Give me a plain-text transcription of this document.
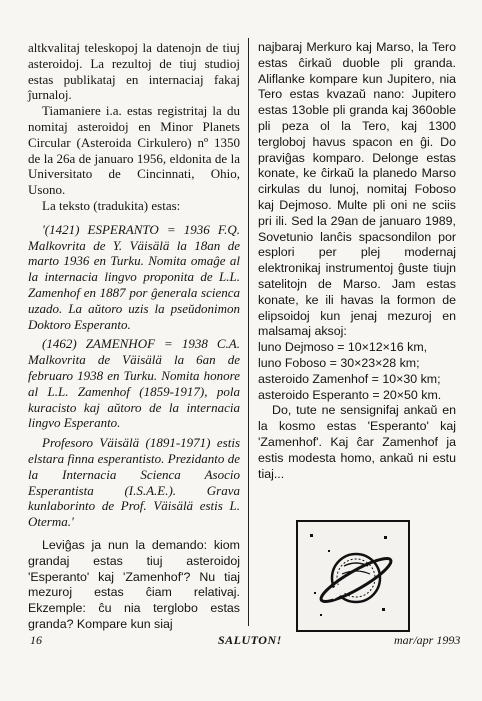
altkvalitaj teleskopoj la datenojn de tiuj asteroidoj. La rezultoj de tiuj studioj estas publikataj en internaciaj fakaj ĵurnaloj.

Tiamaniere i.a. estas registritaj la du nomitaj asteroidoj en Minor Planets Circular (Asteroida Cirkulero) nº 1350 de la 26a de januaro 1956, eldonita de la Universitato de Cincinnati, Ohio, Usono.

La teksto (tradukita) estas:

'(1421) ESPERANTO = 1936 F.Q. Malkovrita de Y. Väisälä la 18an de marto 1936 en Turku. Nomita omaĝe al la internacia lingvo proponita de L.L. Zamenhof en 1887 por ĝenerala scienca uzado. La aŭtoro uzis la pseŭdonimon Doktoro Esperanto.

(1462) ZAMENHOF = 1938 C.A. Malkovrita de Väisälä la 6an de februaro 1938 en Turku. Nomita honore al L.L. Zamenhof (1859-1917), pola kuracisto kaj aŭtoro de la internacia lingvo Esperanto.

Profesoro Väisälä (1891-1971) estis elstara finna esperantisto. Prezidanto de la Internacia Scienca Asocio Esperantista (I.S.A.E.). Grava kunlaborinto de Prof. Väisälä estis L. Oterma.'

Leviĝas ja nun la demando: kiom grandaj estas tiuj asteroidoj 'Esperanto' kaj 'Zamenhof'? Nu tiaj mezuroj estas ĉiam relativaj. Ekzemple: ĉu nia terglobo estas granda? Kompare kun siaj

najbaraj Merkuro kaj Marso, la Tero estas ĉirkaŭ duoble pli granda. Aliflanke kompare kun Jupitero, nia Tero estas kvazaŭ nano: Jupitero estas 13oble pli granda kaj 360oble pli peza ol la Tero, kaj 1300 tergloboj havus spacon en ĝi. Do praviĝas komparo. Delonge estas konate, ke ĉirkaŭ la planedo Marso cirkulas du lunoj, nomitaj Foboso kaj Dejmoso. Multe pli oni ne sciis pri ili. Sed la 29an de januaro 1989, Sovetunio lanĉis spacsondilon por esplori per plej modernaj elektronikaj instrumentoj ĝuste tiujn satelitojn de Marso. Jam estas konate, ke ili havas la formon de elipsoidoj kun jenaj mezuroj en malsamaj aksoj:

luno Dejmoso = 10×12×16 km,

luno Foboso = 30×23×28 km;

asteroido Zamenhof = 10×30 km;

asteroido Esperanto = 20×50 km.

Do, tute ne sensignifaj ankaŭ en la kosmo estas 'Esperanto' kaj 'Zamenhof'. Kaj ĉar Zamenhof ja estis modesta homo, ankaŭ ni estu tiaj...

16	SALUTON!	mar/apr 1993
